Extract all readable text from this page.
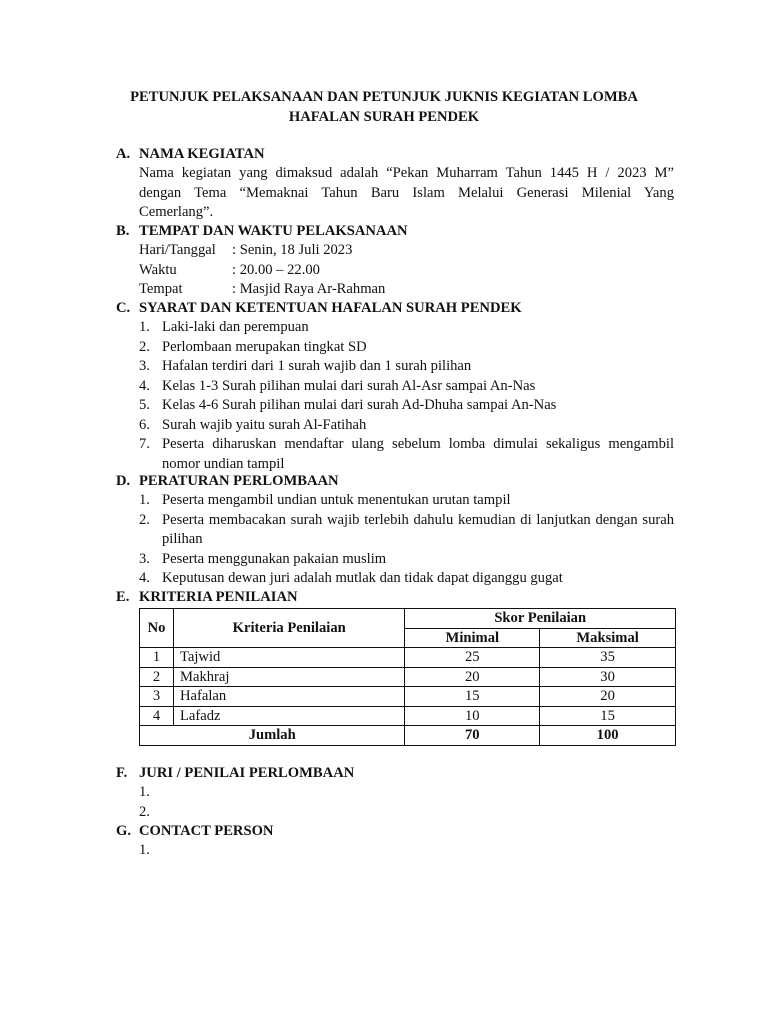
PETUNJUK PELAKSANAAN DAN PETUNJUK JUKNIS KEGIATAN LOMBA
HAFALAN SURAH PENDEK
A. NAMA KEGIATAN
Nama kegiatan yang dimaksud adalah “Pekan Muharram Tahun 1445 H / 2023 M”
dengan Tema “Memaknai Tahun Baru Islam Melalui Generasi Milenial Yang
Cemerlang”.
B. TEMPAT DAN WAKTU PELAKSANAAN
Hari/Tanggal : Senin, 18 Juli 2023
Waktu	: 20.00 – 22.00
Tempat	: Masjid Raya Ar-Rahman
C. SYARAT DAN KETENTUAN HAFALAN SURAH PENDEK
1. Laki-laki dan perempuan
2. Perlombaan merupakan tingkat SD
3. Hafalan terdiri dari 1 surah wajib dan 1 surah pilihan
4. Kelas 1-3 Surah pilihan mulai dari surah Al-Asr sampai An-Nas
5. Kelas 4-6 Surah pilihan mulai dari surah Ad-Dhuha sampai An-Nas
6. Surah wajib yaitu surah Al-Fatihah
7. Peserta diharuskan mendaftar ulang sebelum lomba dimulai sekaligus mengambil nomor undian tampil
D. PERATURAN PERLOMBAAN
1. Peserta mengambil undian untuk menentukan urutan tampil
2. Peserta membacakan surah wajib terlebih dahulu kemudian di lanjutkan dengan surah pilihan
3. Peserta menggunakan pakaian muslim
4. Keputusan dewan juri adalah mutlak dan tidak dapat diganggu gugat
E. KRITERIA PENILAIAN
No	Kriteria Penilaian	Skor Penilaian	
		Minimal	Maksimal
1	Tajwid	25	35
2	Makhraj	20	30
3	Hafalan	15	20
4	Lafadz	10	15
Jumlah		70	100
F. JURI / PENILAI PERLOMBAAN
1.
2.
G. CONTACT PERSON
1.
